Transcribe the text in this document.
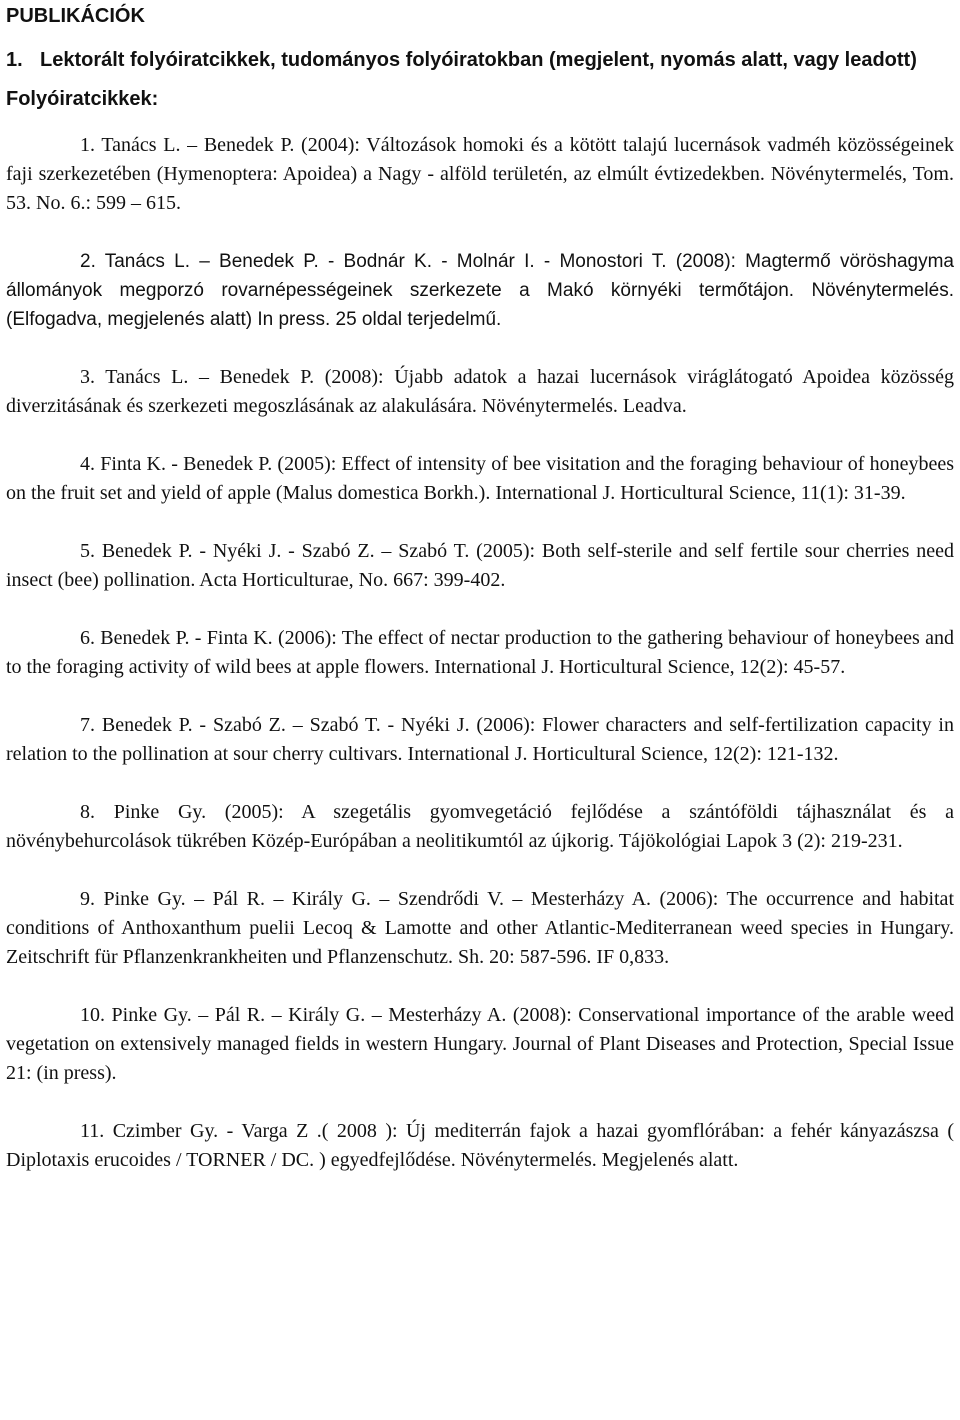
PUBLIKÁCIÓK
1. Lektorált folyóiratcikkek, tudományos folyóiratokban (megjelent, nyomás alatt, vagy leadott)
Folyóiratcikkek:

1. Tanács L. – Benedek P. (2004): Változások homoki és a kötött talajú lucernások vadméh közösségeinek faji szerkezetében (Hymenoptera: Apoidea) a Nagy - alföld területén, az elmúlt évtizedekben. Növénytermelés, Tom. 53. No. 6.: 599 – 615.

2. Tanács L. – Benedek P. - Bodnár K. - Molnár I. - Monostori T. (2008): Magtermő vöröshagyma állományok megporzó rovarnépességeinek szerkezete a Makó környéki termőtájon. Növénytermelés. (Elfogadva, megjelenés alatt) In press. 25 oldal terjedelmű.

3. Tanács L. – Benedek P. (2008): Újabb adatok a hazai lucernások viráglátogató Apoidea közösség diverzitásának és szerkezeti megoszlásának az alakulására. Növénytermelés. Leadva.

4. Finta K. - Benedek P. (2005): Effect of intensity of bee visitation and the foraging behaviour of honeybees on the fruit set and yield of apple (Malus domestica Borkh.). International J. Horticultural Science, 11(1): 31-39.

5. Benedek P. - Nyéki J. - Szabó Z. – Szabó T. (2005): Both self-sterile and self fertile sour cherries need insect (bee) pollination. Acta Horticulturae, No. 667: 399-402.

6. Benedek P. - Finta K. (2006): The effect of nectar production to the gathering behaviour of honeybees and to the foraging activity of wild bees at apple flowers. International J. Horticultural Science, 12(2): 45-57.

7. Benedek P. - Szabó Z. – Szabó T. - Nyéki J. (2006): Flower characters and self-fertilization capacity in relation to the pollination at sour cherry cultivars. International J. Horticultural Science, 12(2): 121-132.

8. Pinke Gy. (2005): A szegetális gyomvegetáció fejlődése a szántóföldi tájhasználat és a növénybehurcolások tükrében Közép-Európában a neolitikumtól az újkorig. Tájökológiai Lapok 3 (2): 219-231.

9. Pinke Gy. – Pál R. – Király G. – Szendrődi V. – Mesterházy A. (2006): The occurrence and habitat conditions of Anthoxanthum puelii Lecoq & Lamotte and other Atlantic-Mediterranean weed species in Hungary. Zeitschrift für Pflanzenkrankheiten und Pflanzenschutz. Sh. 20: 587-596. IF 0,833.

10. Pinke Gy. – Pál R. – Király G. – Mesterházy A. (2008): Conservational importance of the arable weed vegetation on extensively managed fields in western Hungary. Journal of Plant Diseases and Protection, Special Issue 21: (in press).

11. Czimber Gy. - Varga Z .( 2008 ): Új mediterrán fajok a hazai gyomflórában: a fehér kányazászsa ( Diplotaxis erucoides / TORNER / DC. ) egyedfejlődése. Növénytermelés. Megjelenés alatt.
